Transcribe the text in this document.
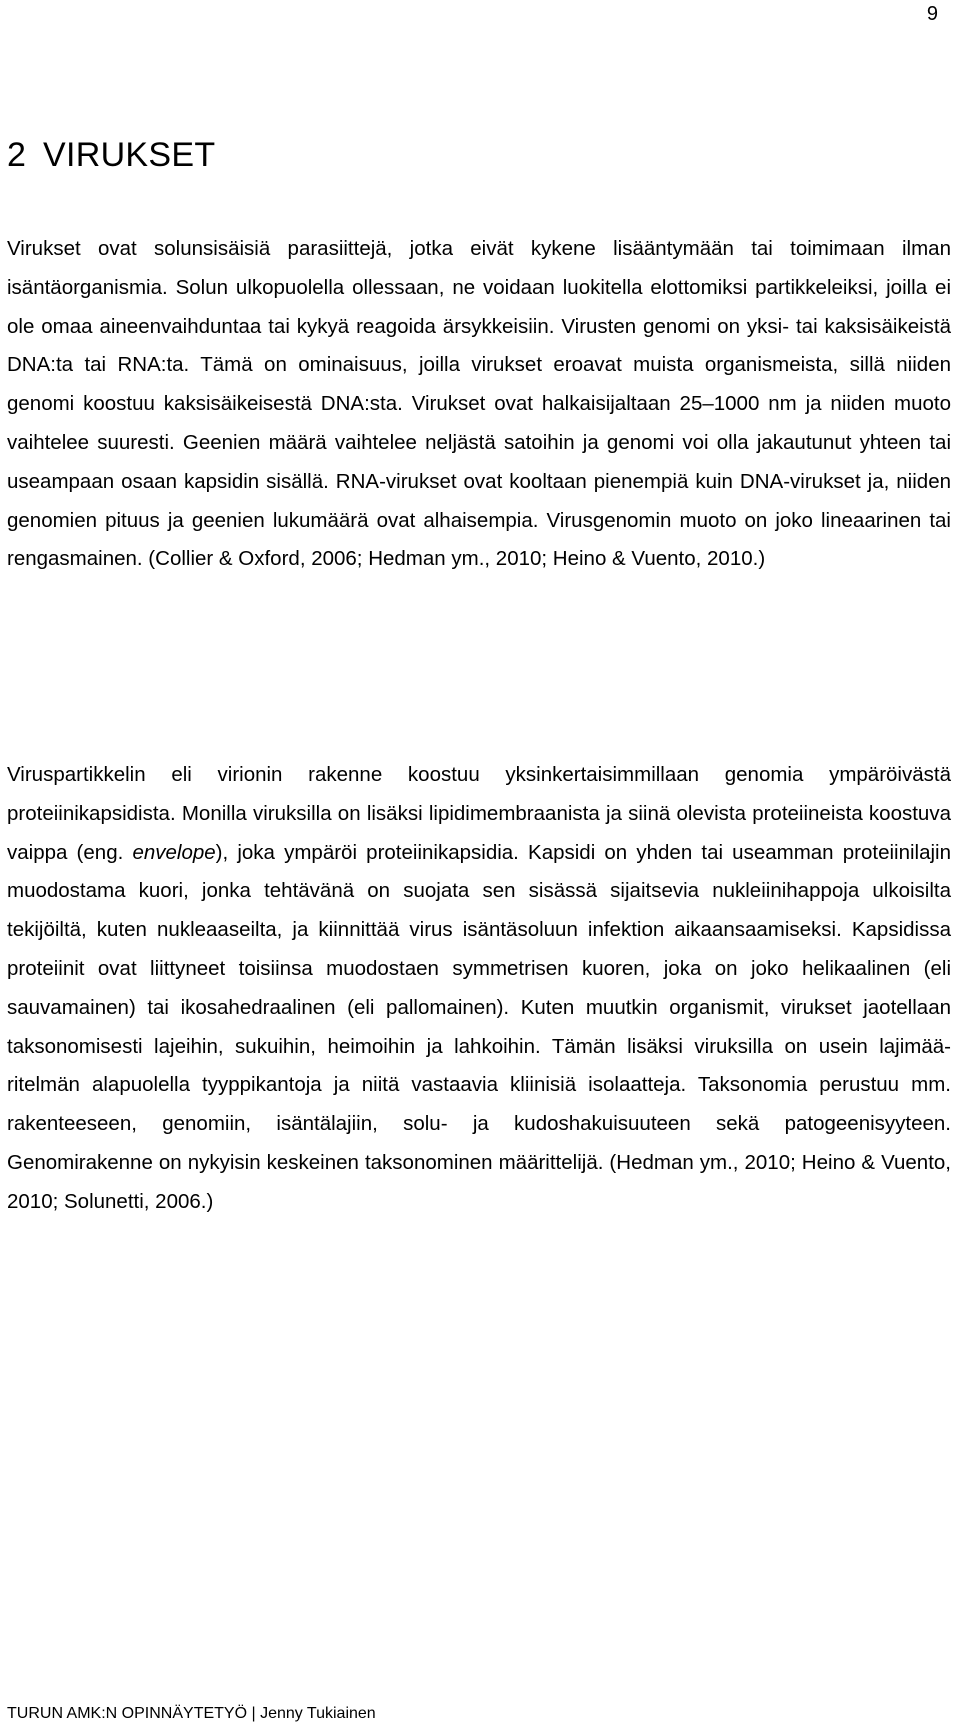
9
2 VIRUKSET

Virukset ovat solunsisäisiä parasiittejä, jotka eivät kykene lisääntymään tai toimimaan ilman isäntäorganismia. Solun ulkopuolella ollessaan, ne voidaan luokitella elottomiksi partikkeleiksi, joilla ei ole omaa aineenvaihduntaa tai kykyä reagoida ärsykkeisiin. Virusten genomi on yksi- tai kaksisäikeistä DNA:ta tai RNA:ta. Tämä on ominaisuus, joilla virukset eroavat muista organismeista, sillä niiden genomi koostuu kaksisäikeisestä DNA:sta. Virukset ovat halkaisijaltaan 25–1000 nm ja niiden muoto vaihtelee suuresti. Geenien määrä vaihtelee neljästä satoihin ja genomi voi olla jakautunut yhteen tai useampaan osaan kapsidin sisällä. RNA-virukset ovat kooltaan pienempiä kuin DNA-virukset ja, niiden genomien pituus ja geenien lukumäärä ovat alhaisempia. Virusgenomin muoto on joko lineaarinen tai rengasmainen. (Collier & Oxford, 2006; Hedman ym., 2010; Heino & Vuento, 2010.)

Viruspartikkelin eli virionin rakenne koostuu yksinkertaisimmillaan genomia ympäröivästä proteiinikapsidista. Monilla viruksilla on lisäksi lipidimembraanista ja siinä olevista proteiineista koostuva vaippa (eng. envelope), joka ympäröi proteiinikapsidia. Kapsidi on yhden tai useamman proteiinilajin muodostama kuori, jonka tehtävänä on suojata sen sisässä sijaitsevia nukleiinihappoja ulkoisilta tekijöiltä, kuten nukleaaseilta, ja kiinnittää virus isäntäsoluun infektion aikaansaamiseksi. Kapsidissa proteiinit ovat liittyneet toisiinsa muodostaen symmetrisen kuoren, joka on joko helikaalinen (eli sauvamainen) tai ikosahedraalinen (eli pallomainen). Kuten muutkin organismit, virukset jaotellaan taksonomisesti lajeihin, sukuihin, heimoihin ja lahkoihin. Tämän lisäksi viruksilla on usein lajimääritelmän alapuolella tyyppikantoja ja niitä vastaavia kliinisiä isolaatteja. Taksonomia perustuu mm. rakenteeseen, genomiin, isäntälajiin, solu- ja kudoshakuisuuteen sekä patogeenisyyteen. Genomirakenne on nykyisin keskeinen taksonominen määrittelijä. (Hedman ym., 2010; Heino & Vuento, 2010; Solunetti, 2006.)

TURUN AMK:N OPINNÄYTETYÖ | Jenny Tukiainen
